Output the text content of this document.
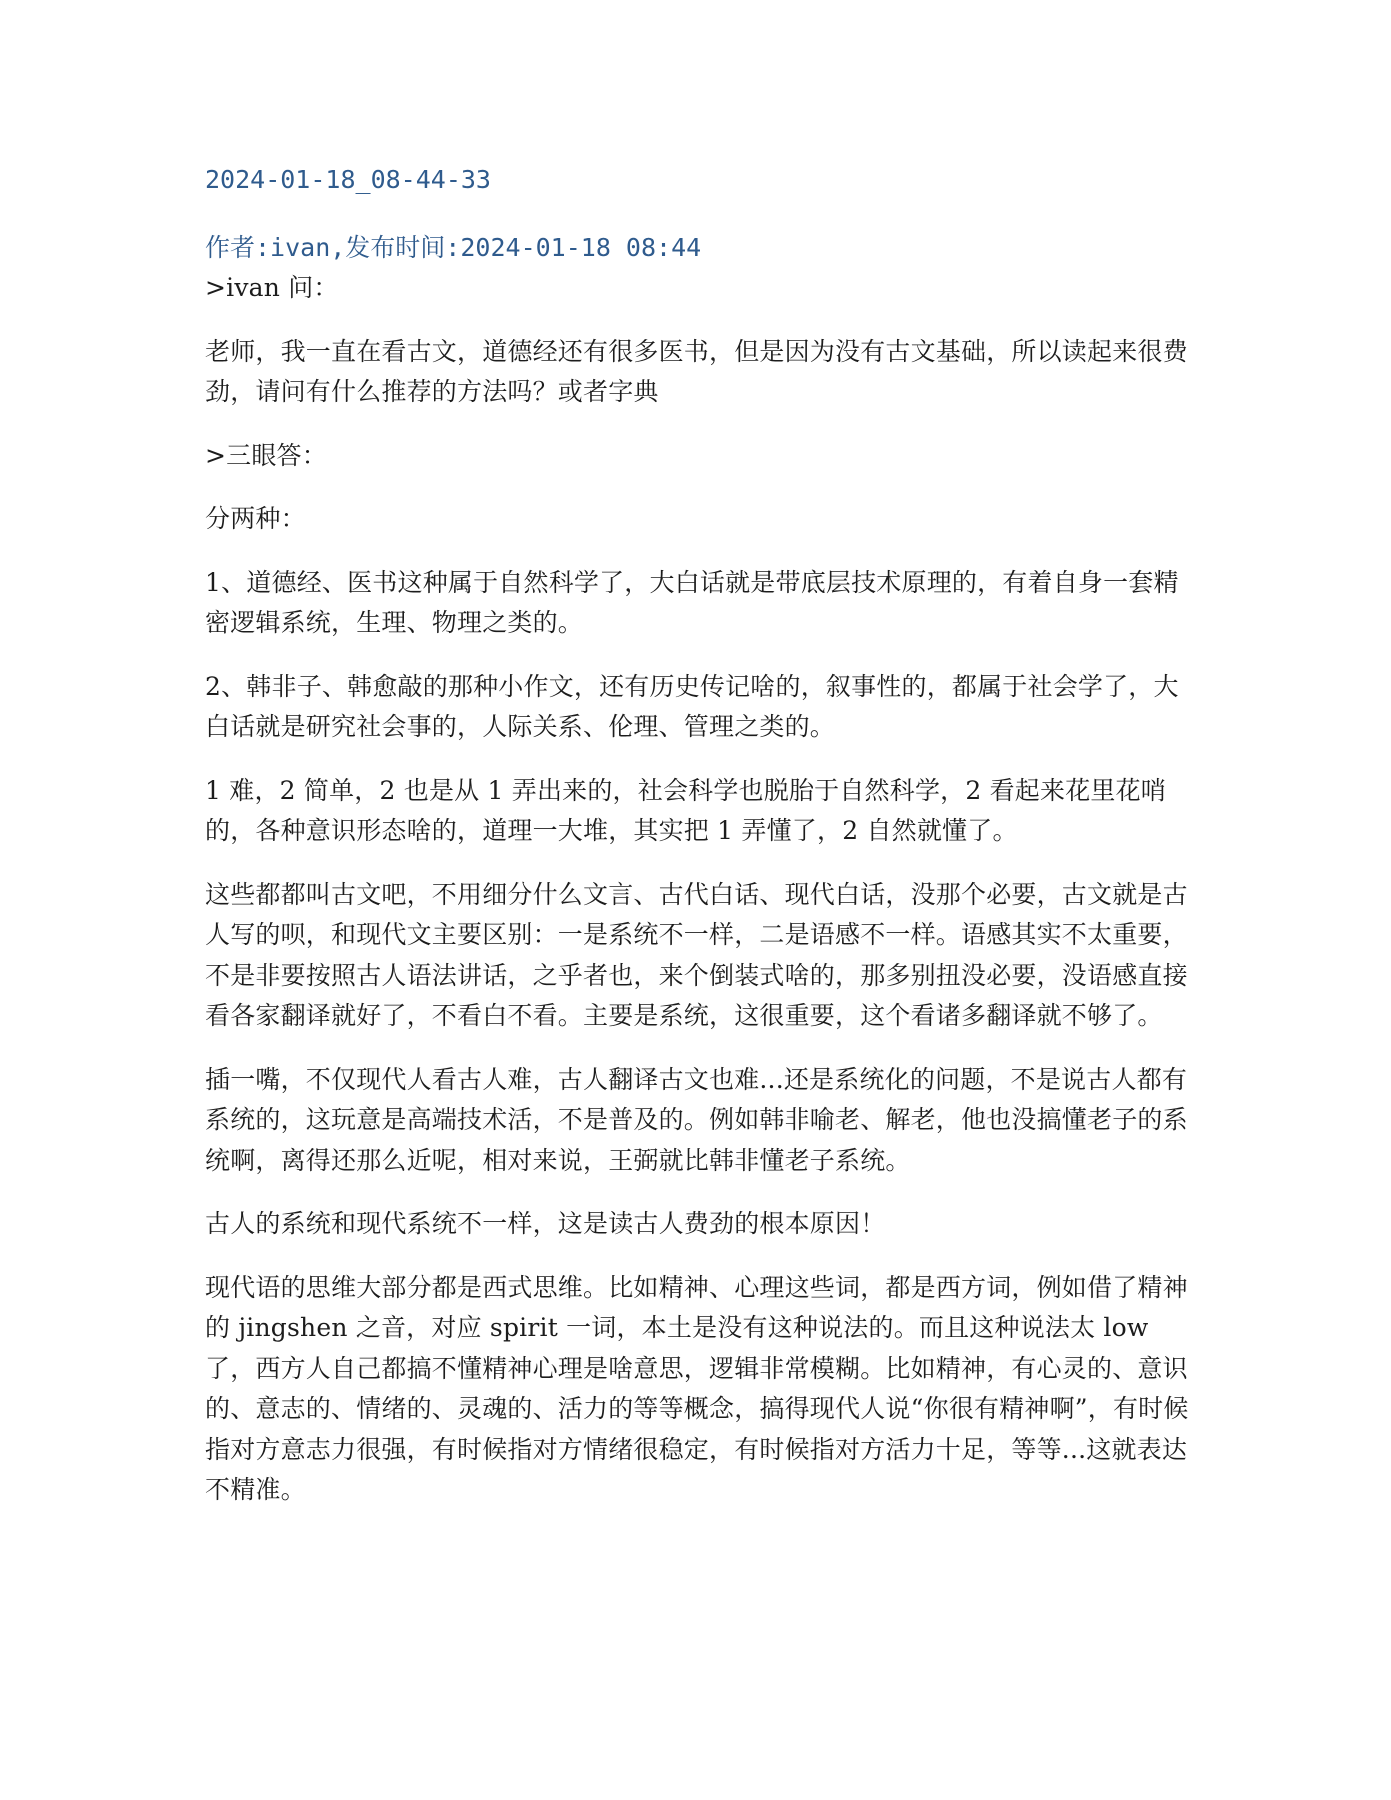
2024-01-18_08-44-33
作者:ivan,发布时间:2024-01-18 08:44

>ivan 问：

老师，我一直在看古文，道德经还有很多医书，但是因为没有古文基础，所以读起来很费劲，请问有什么推荐的方法吗？或者字典

>三眼答：

分两种：

1、道德经、医书这种属于自然科学了，大白话就是带底层技术原理的，有着自身一套精密逻辑系统，生理、物理之类的。

2、韩非子、韩愈敲的那种小作文，还有历史传记啥的，叙事性的，都属于社会学了，大白话就是研究社会事的，人际关系、伦理、管理之类的。

1 难，2 简单，2 也是从 1 弄出来的，社会科学也脱胎于自然科学，2 看起来花里花哨的，各种意识形态啥的，道理一大堆，其实把 1 弄懂了，2 自然就懂了。

这些都都叫古文吧，不用细分什么文言、古代白话、现代白话，没那个必要，古文就是古人写的呗，和现代文主要区别：一是系统不一样，二是语感不一样。语感其实不太重要，不是非要按照古人语法讲话，之乎者也，来个倒装式啥的，那多别扭没必要，没语感直接看各家翻译就好了，不看白不看。主要是系统，这很重要，这个看诸多翻译就不够了。

插一嘴，不仅现代人看古人难，古人翻译古文也难...还是系统化的问题，不是说古人都有系统的，这玩意是高端技术活，不是普及的。例如韩非喻老、解老，他也没搞懂老子的系统啊，离得还那么近呢，相对来说，王弼就比韩非懂老子系统。

古人的系统和现代系统不一样，这是读古人费劲的根本原因！

现代语的思维大部分都是西式思维。比如精神、心理这些词，都是西方词，例如借了精神的 jingshen 之音，对应 spirit 一词，本土是没有这种说法的。而且这种说法太 low 了，西方人自己都搞不懂精神心理是啥意思，逻辑非常模糊。比如精神，有心灵的、意识的、意志的、情绪的、灵魂的、活力的等等概念，搞得现代人说“你很有精神啊”，有时候指对方意志力很强，有时候指对方情绪很稳定，有时候指对方活力十足，等等...这就表达不精准。
